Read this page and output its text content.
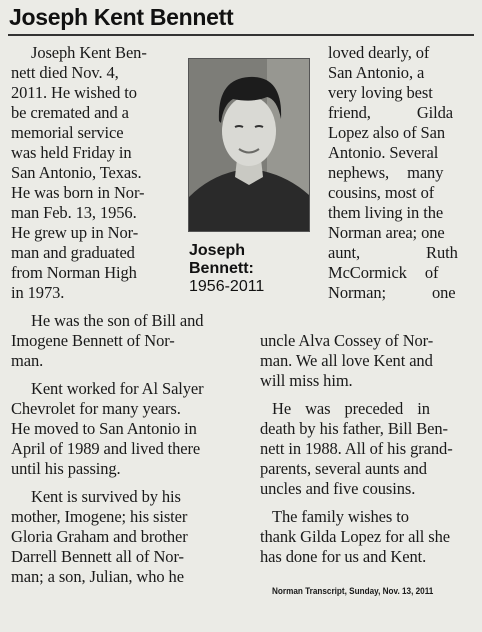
Joseph Kent Bennett
Joseph
Bennett:
1956-2011
Joseph Kent Ben-
nett died Nov. 4,
2011. He wished to
be cremated and a
memorial service
was held Friday in
San Antonio, Texas.
He was born in Nor-
man Feb. 13, 1956.
He grew up in Nor-
man and graduated
from Norman High
in 1973.
He was the son of Bill and
Imogene Bennett of Nor-
man.
Kent worked for Al Salyer
Chevrolet for many years.
He moved to San Antonio in
April of 1989 and lived there
until his passing.
Kent is survived by his
mother, Imogene; his sister
Gloria Graham and brother
Darrell Bennett all of Nor-
man; a son, Julian, who he
loved dearly, of
San Antonio, a
very loving best
friend, Gilda
Lopez also of San
Antonio. Several
nephews, many
cousins, most of
them living in the
Norman area; one
aunt, Ruth
McCormick of
Norman; one
uncle Alva Cossey of Nor-
man. We all love Kent and
will miss him.
He was preceded in
death by his father, Bill Ben-
nett in 1988. All of his grand-
parents, several aunts and
uncles and five cousins.
The family wishes to
thank Gilda Lopez for all she
has done for us and Kent.
Norman Transcript, Sunday, Nov. 13, 2011
